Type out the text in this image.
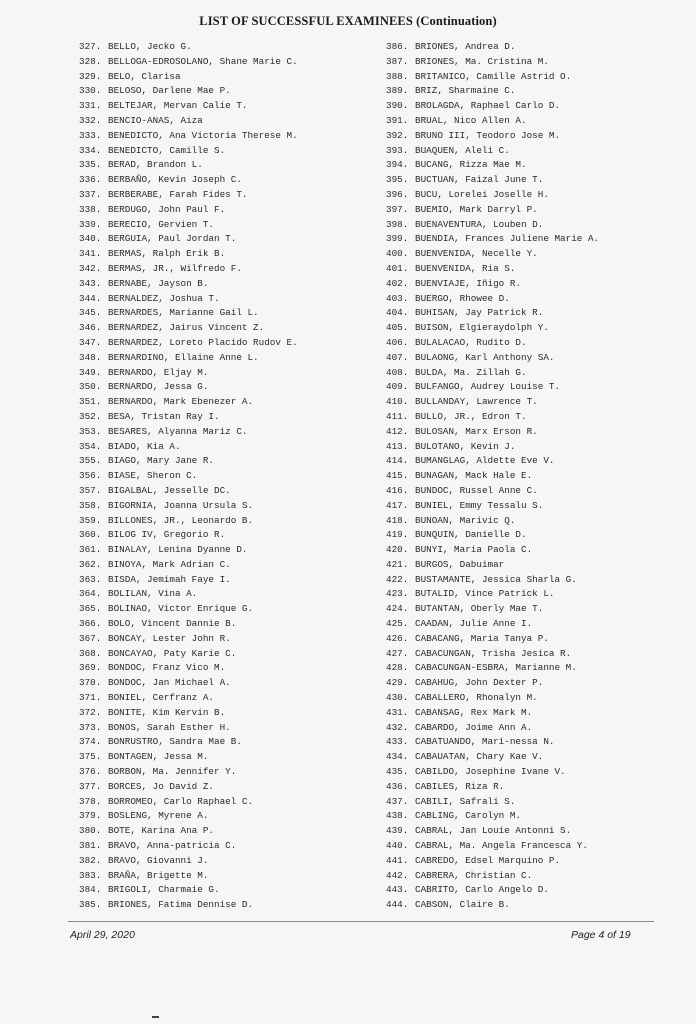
LIST OF SUCCESSFUL EXAMINEES (Continuation)
327. BELLO, Jecko G.
328. BELLOGA-EDROSOLANO, Shane Marie C.
329. BELO, Clarisa
330. BELOSO, Darlene Mae P.
331. BELTEJAR, Mervan Calie T.
332. BENCIO-ANAS, Aiza
333. BENEDICTO, Ana Victoria Therese M.
334. BENEDICTO, Camille S.
335. BERAD, Brandon L.
336. BERBAÑO, Kevin Joseph C.
337. BERBERABE, Farah Fides T.
338. BERDUGO, John Paul F.
339. BERECIO, Gervien T.
340. BERGUIA, Paul Jordan T.
341. BERMAS, Ralph Erik B.
342. BERMAS, JR., Wilfredo F.
343. BERNABE, Jayson B.
344. BERNALDEZ, Joshua T.
345. BERNARDES, Marianne Gail L.
346. BERNARDEZ, Jairus Vincent Z.
347. BERNARDEZ, Loreto Placido Rudov E.
348. BERNARDINO, Ellaine Anne L.
349. BERNARDO, Eljay M.
350. BERNARDO, Jessa G.
351. BERNARDO, Mark Ebenezer A.
352. BESA, Tristan Ray I.
353. BESARES, Alyanna Mariz C.
354. BIADO, Kia A.
355. BIAGO, Mary Jane R.
356. BIASE, Sheron C.
357. BIGALBAL, Jesselle DC.
358. BIGORNIA, Joanna Ursula S.
359. BILLONES, JR., Leonardo B.
360. BILOG IV, Gregorio R.
361. BINALAY, Lenina Dyanne D.
362. BINOYA, Mark Adrian C.
363. BISDA, Jemimah Faye I.
364. BOLILAN, Vina A.
365. BOLINAO, Victor Enrique G.
366. BOLO, Vincent Dannie B.
367. BONCAY, Lester John R.
368. BONCAYAO, Paty Karie C.
369. BONDOC, Franz Vico M.
370. BONDOC, Jan Michael A.
371. BONIEL, Cerfranz A.
372. BONITE, Kim Kervin B.
373. BONOS, Sarah Esther H.
374. BONRUSTRO, Sandra Mae B.
375. BONTAGEN, Jessa M.
376. BORBON, Ma. Jennifer Y.
377. BORCES, Jo David Z.
378. BORROMEO, Carlo Raphael C.
379. BOSLENG, Myrene A.
380. BOTE, Karina Ana P.
381. BRAVO, Anna-patricia C.
382. BRAVO, Giovanni J.
383. BRAÑA, Brigette M.
384. BRIGOLI, Charmaie G.
385. BRIONES, Fatima Dennise D.
386. BRIONES, Andrea D.
387. BRIONES, Ma. Cristina M.
388. BRITANICO, Camille Astrid O.
389. BRIZ, Sharmaine C.
390. BROLAGDA, Raphael Carlo D.
391. BRUAL, Nico Allen A.
392. BRUNO III, Teodoro Jose M.
393. BUAQUEN, Aleli C.
394. BUCANG, Rizza Mae M.
395. BUCTUAN, Faizal June T.
396. BUCU, Lorelei Joselle H.
397. BUEMIO, Mark Darryl P.
398. BUENAVENTURA, Louben D.
399. BUENDIA, Frances Juliene Marie A.
400. BUENVENIDA, Necelle Y.
401. BUENVENIDA, Ria S.
402. BUENVIAJE, Iñigo R.
403. BUERGO, Rhowee D.
404. BUHISAN, Jay Patrick R.
405. BUISON, Elgieraydolph Y.
406. BULALACAO, Rudito D.
407. BULAONG, Karl Anthony SA.
408. BULDA, Ma. Zillah G.
409. BULFANGO, Audrey Louise T.
410. BULLANDAY, Lawrence T.
411. BULLO, JR., Edron T.
412. BULOSAN, Marx Erson R.
413. BULOTANO, Kevin J.
414. BUMANGLAG, Aldette Eve V.
415. BUNAGAN, Mack Hale E.
416. BUNDOC, Russel Anne C.
417. BUNIEL, Emmy Tessalu S.
418. BUNOAN, Marivic Q.
419. BUNQUIN, Danielle D.
420. BUNYI, Maria Paola C.
421. BURGOS, Dabuimar
422. BUSTAMANTE, Jessica Sharla G.
423. BUTALID, Vince Patrick L.
424. BUTANTAN, Oberly Mae T.
425. CAADAN, Julie Anne I.
426. CABACANG, Maria Tanya P.
427. CABACUNGAN, Trisha Jesica R.
428. CABACUNGAN-ESBRA, Marianne M.
429. CABAHUG, John Dexter P.
430. CABALLERO, Rhonalyn M.
431. CABANSAG, Rex Mark M.
432. CABARDO, Joime Ann A.
433. CABATUANDO, Mari-nessa N.
434. CABAUATAN, Chary Kae V.
435. CABILDO, Josephine Ivane V.
436. CABILES, Riza R.
437. CABILI, Safrali S.
438. CABLING, Carolyn M.
439. CABRAL, Jan Louie Antonni S.
440. CABRAL, Ma. Angela Francesca Y.
441. CABREDO, Edsel Marquino P.
442. CABRERA, Christian C.
443. CABRITO, Carlo Angelo D.
444. CABSON, Claire B.
April 29, 2020	Page 4 of 19
